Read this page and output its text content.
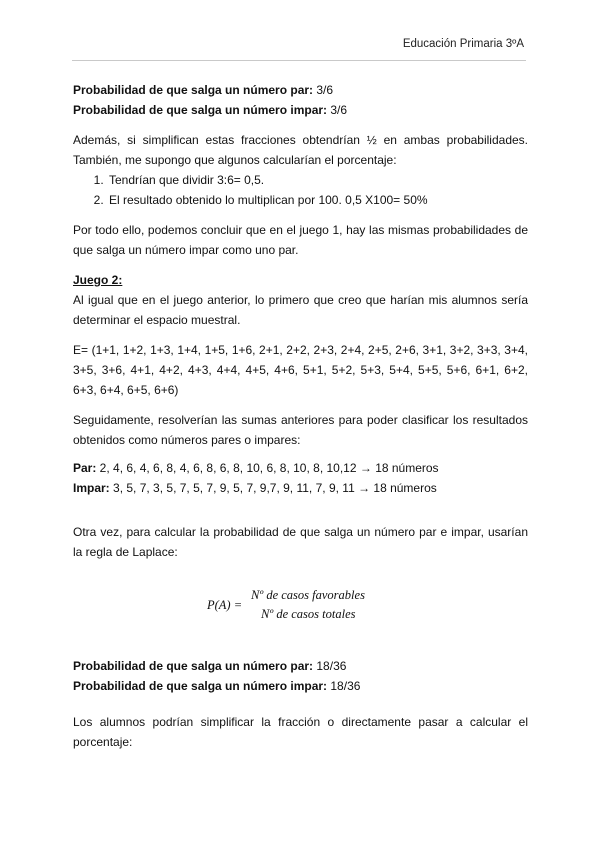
Educación Primaria 3ºA

Probabilidad de que salga un número par: 3/6

Probabilidad de que salga un número impar: 3/6

Además, si simplifican estas fracciones obtendrían ½ en ambas probabilidades. También, me supongo que algunos calcularían el porcentaje:

1. Tendrían que dividir 3:6= 0,5.
2. El resultado obtenido lo multiplican por 100. 0,5 X100= 50%

Por todo ello, podemos concluir que en el juego 1, hay las mismas probabilidades de que salga un número impar como uno par.

Juego 2:

Al igual que en el juego anterior, lo primero que creo que harían mis alumnos sería determinar el espacio muestral.

E= (1+1, 1+2, 1+3, 1+4, 1+5, 1+6, 2+1, 2+2, 2+3, 2+4, 2+5, 2+6, 3+1, 3+2, 3+3, 3+4, 3+5, 3+6, 4+1, 4+2, 4+3, 4+4, 4+5, 4+6, 5+1, 5+2, 5+3, 5+4, 5+5, 5+6, 6+1, 6+2, 6+3, 6+4, 6+5, 6+6)

Seguidamente, resolverían las sumas anteriores para poder clasificar los resultados obtenidos como números pares o impares:

Par: 2, 4, 6, 4, 6, 8, 4, 6, 8, 6, 8, 10, 6, 8, 10, 8, 10,12 → 18 números

Impar: 3, 5, 7, 3, 5, 7, 5, 7, 9, 5, 7, 9,7, 9, 11, 7, 9, 11 → 18 números

Otra vez, para calcular la probabilidad de que salga un número par e impar, usarían la regla de Laplace:

P(A) =
Nº de casos favorables
Nº de casos totales

Probabilidad de que salga un número par: 18/36

Probabilidad de que salga un número impar: 18/36

Los alumnos podrían simplificar la fracción o directamente pasar a calcular el porcentaje:
